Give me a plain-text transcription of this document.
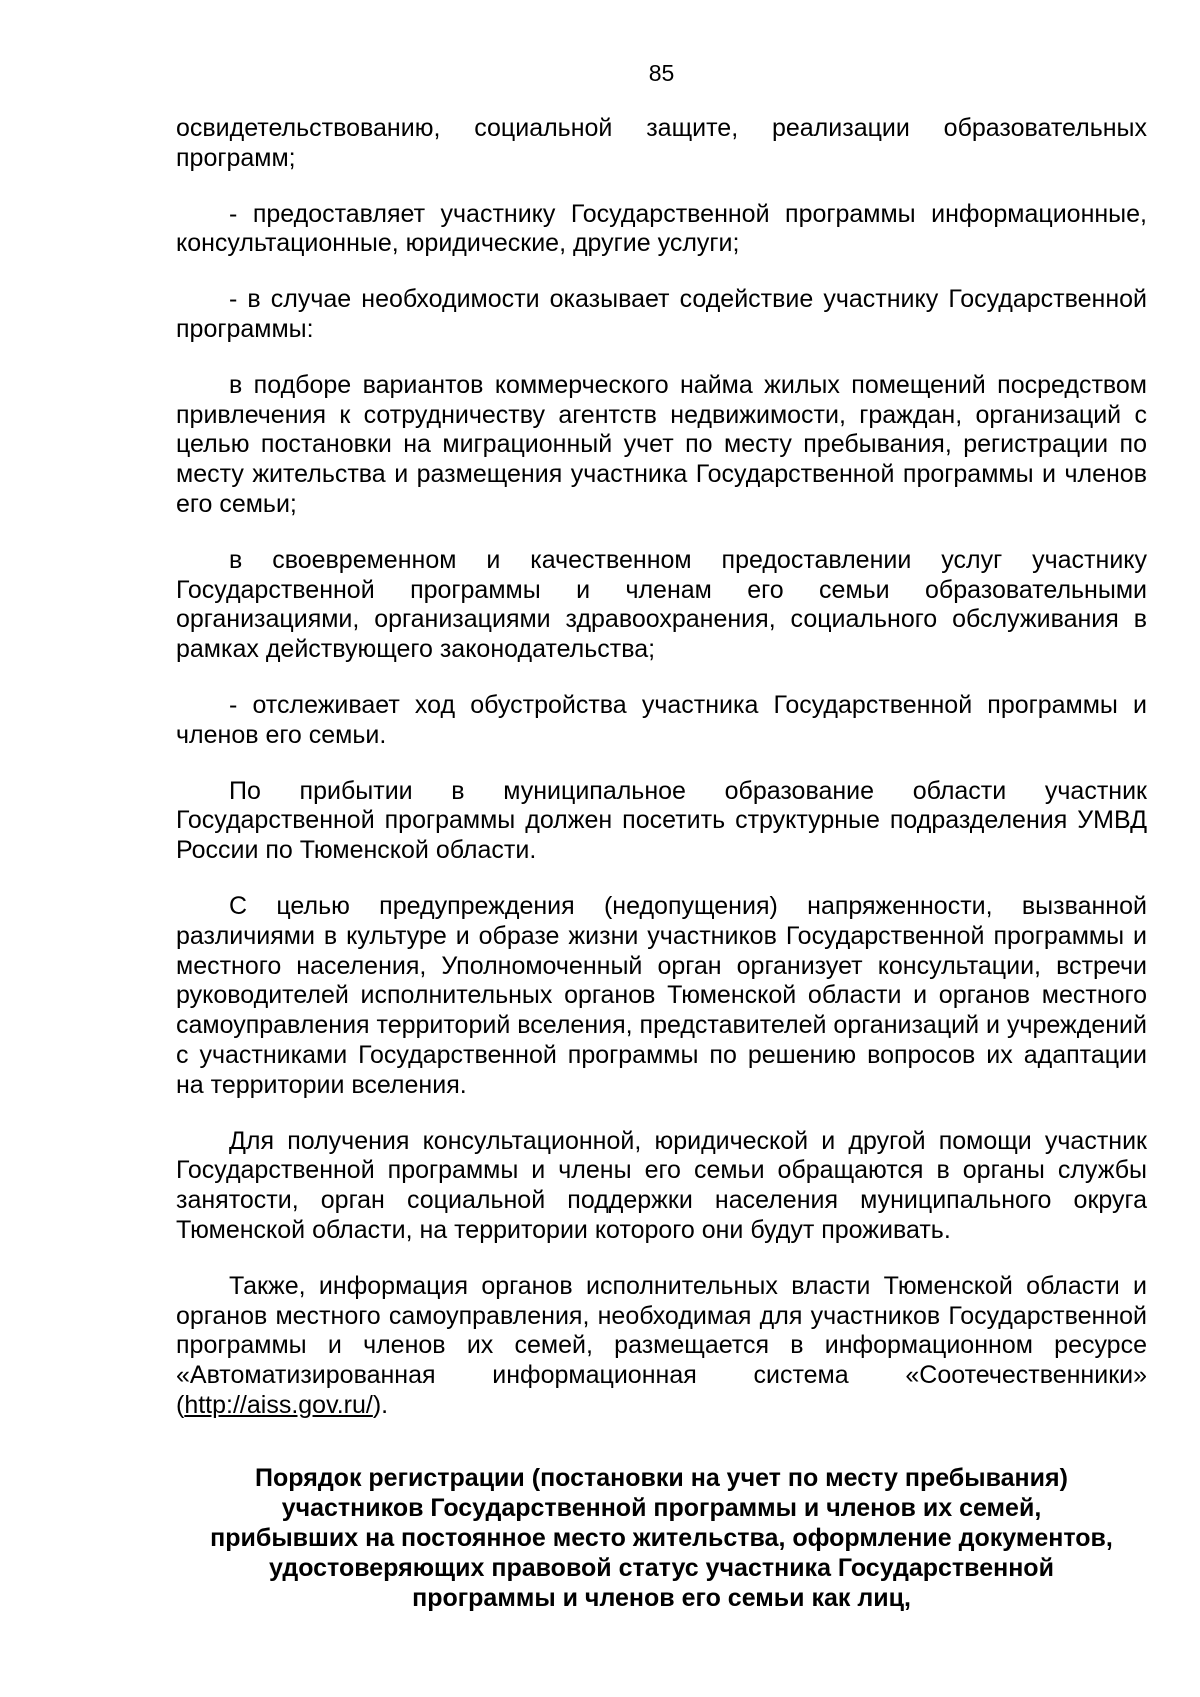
85

освидетельствованию, социальной защите, реализации образовательных программ;

- предоставляет участнику Государственной программы информационные, консультационные, юридические, другие услуги;

- в случае необходимости оказывает содействие участнику Государственной программы:

в подборе вариантов коммерческого найма жилых помещений посредством привлечения к сотрудничеству агентств недвижимости, граждан, организаций с целью постановки на миграционный учет по месту пребывания, регистрации по месту жительства и размещения участника Государственной программы и членов его семьи;

в своевременном и качественном предоставлении услуг участнику Государственной программы и членам его семьи образовательными организациями, организациями здравоохранения, социального обслуживания в рамках действующего законодательства;

- отслеживает ход обустройства участника Государственной программы и членов его семьи.

По прибытии в муниципальное образование области участник Государственной программы должен посетить структурные подразделения УМВД России по Тюменской области.

С целью предупреждения (недопущения) напряженности, вызванной различиями в культуре и образе жизни участников Государственной программы и местного населения, Уполномоченный орган организует консультации, встречи руководителей исполнительных органов Тюменской области и органов местного самоуправления территорий вселения, представителей организаций и учреждений с участниками Государственной программы по решению вопросов их адаптации на территории вселения.

Для получения консультационной, юридической и другой помощи участник Государственной программы и члены его семьи обращаются в органы службы занятости, орган социальной поддержки населения муниципального округа Тюменской области, на территории которого они будут проживать.

Также, информация органов исполнительных власти Тюменской области и органов местного самоуправления, необходимая для участников Государственной программы и членов их семей, размещается в информационном ресурсе «Автоматизированная информационная система «Соотечественники» (http://aiss.gov.ru/).

Порядок регистрации (постановки на учет по месту пребывания) участников Государственной программы и членов их семей, прибывших на постоянное место жительства, оформление документов, удостоверяющих правовой статус участника Государственной программы и членов его семьи как лиц,
